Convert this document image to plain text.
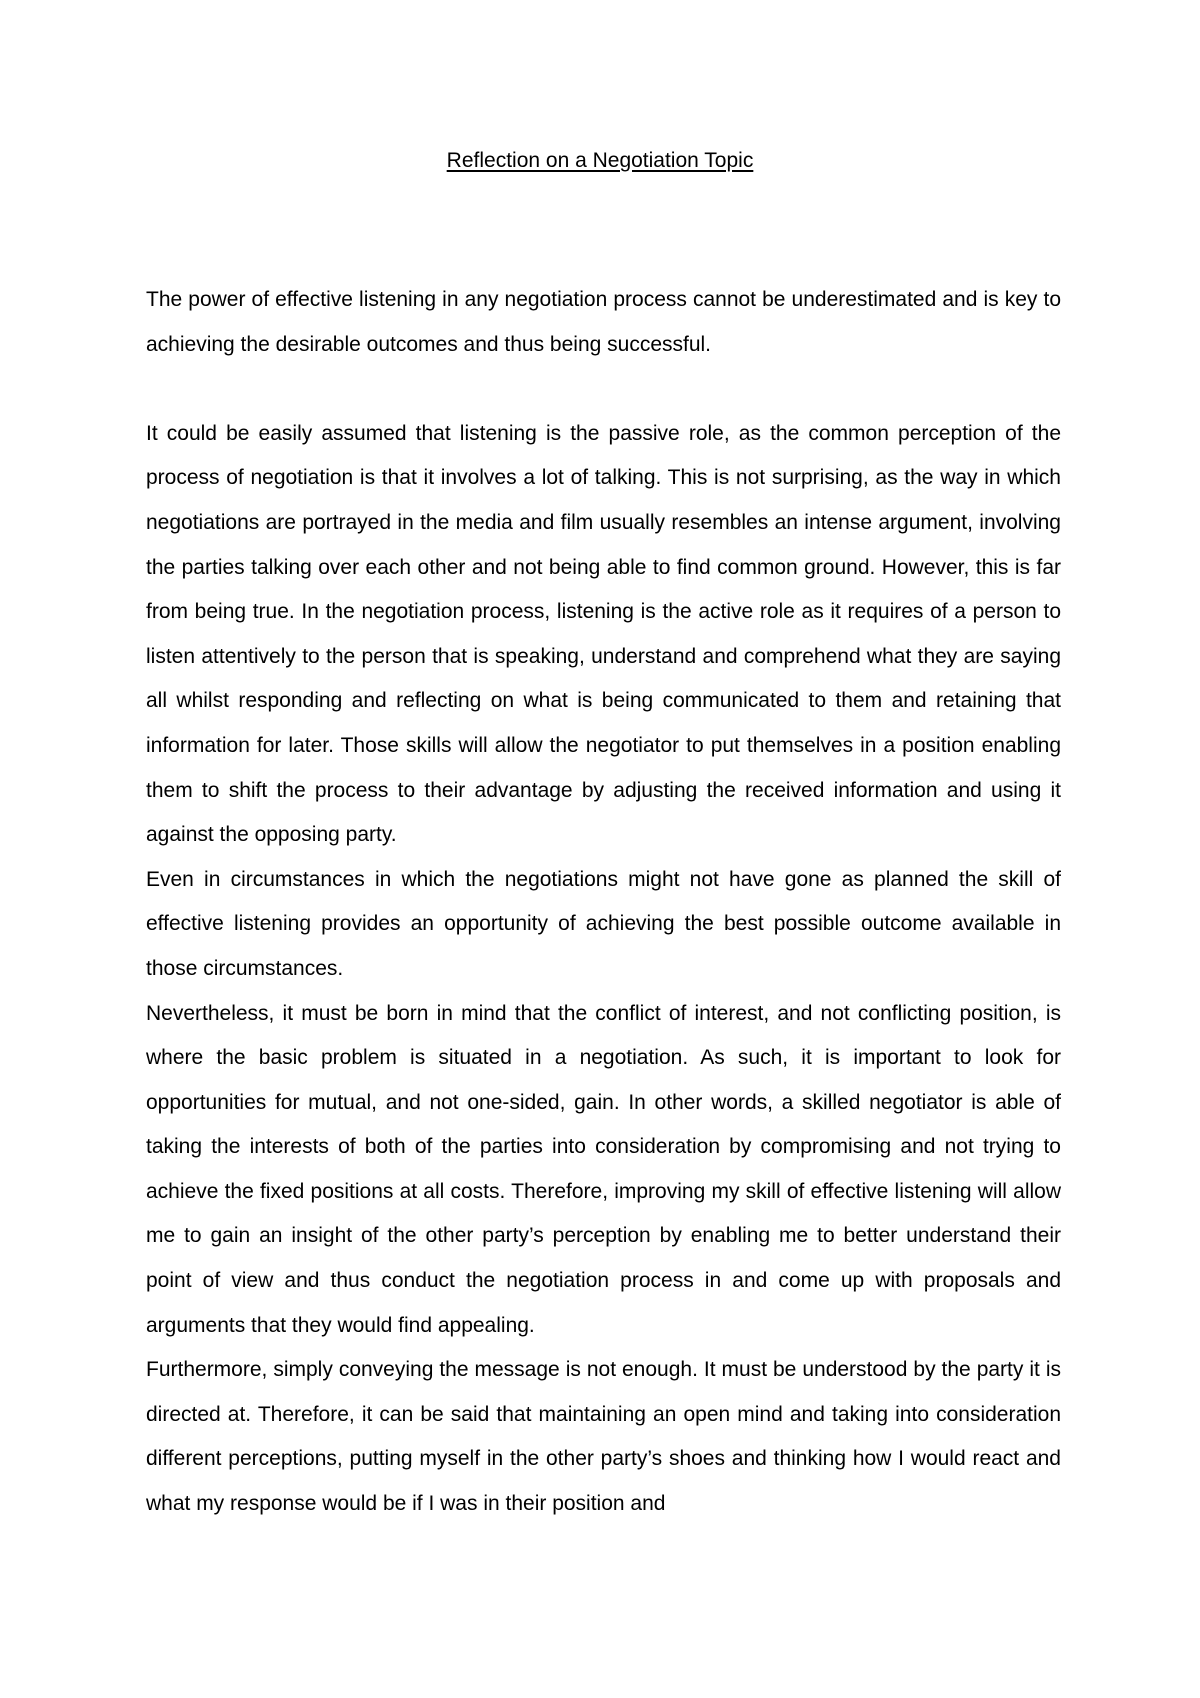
Reflection on a Negotiation Topic

The power of effective listening in any negotiation process cannot be underestimated and is key to achieving the desirable outcomes and thus being successful.

It could be easily assumed that listening is the passive role, as the common perception of the process of negotiation is that it involves a lot of talking. This is not surprising, as the way in which negotiations are portrayed in the media and film usually resembles an intense argument, involving the parties talking over each other and not being able to find common ground. However, this is far from being true. In the negotiation process, listening is the active role as it requires of a person to listen attentively to the person that is speaking, understand and comprehend what they are saying all whilst responding and reflecting on what is being communicated to them and retaining that information for later. Those skills will allow the negotiator to put themselves in a position enabling them to shift the process to their advantage by adjusting the received information and using it against the opposing party.

Even in circumstances in which the negotiations might not have gone as planned the skill of effective listening provides an opportunity of achieving the best possible outcome available in those circumstances.

Nevertheless, it must be born in mind that the conflict of interest, and not conflicting position, is where the basic problem is situated in a negotiation. As such, it is important to look for opportunities for mutual, and not one-sided, gain. In other words, a skilled negotiator is able of taking the interests of both of the parties into consideration by compromising and not trying to achieve the fixed positions at all costs. Therefore, improving my skill of effective listening will allow me to gain an insight of the other party’s perception by enabling me to better understand their point of view and thus conduct the negotiation process in and come up with proposals and arguments that they would find appealing.

Furthermore, simply conveying the message is not enough. It must be understood by the party it is directed at. Therefore, it can be said that maintaining an open mind and taking into consideration different perceptions, putting myself in the other party’s shoes and thinking how I would react and what my response would be if I was in their position and
